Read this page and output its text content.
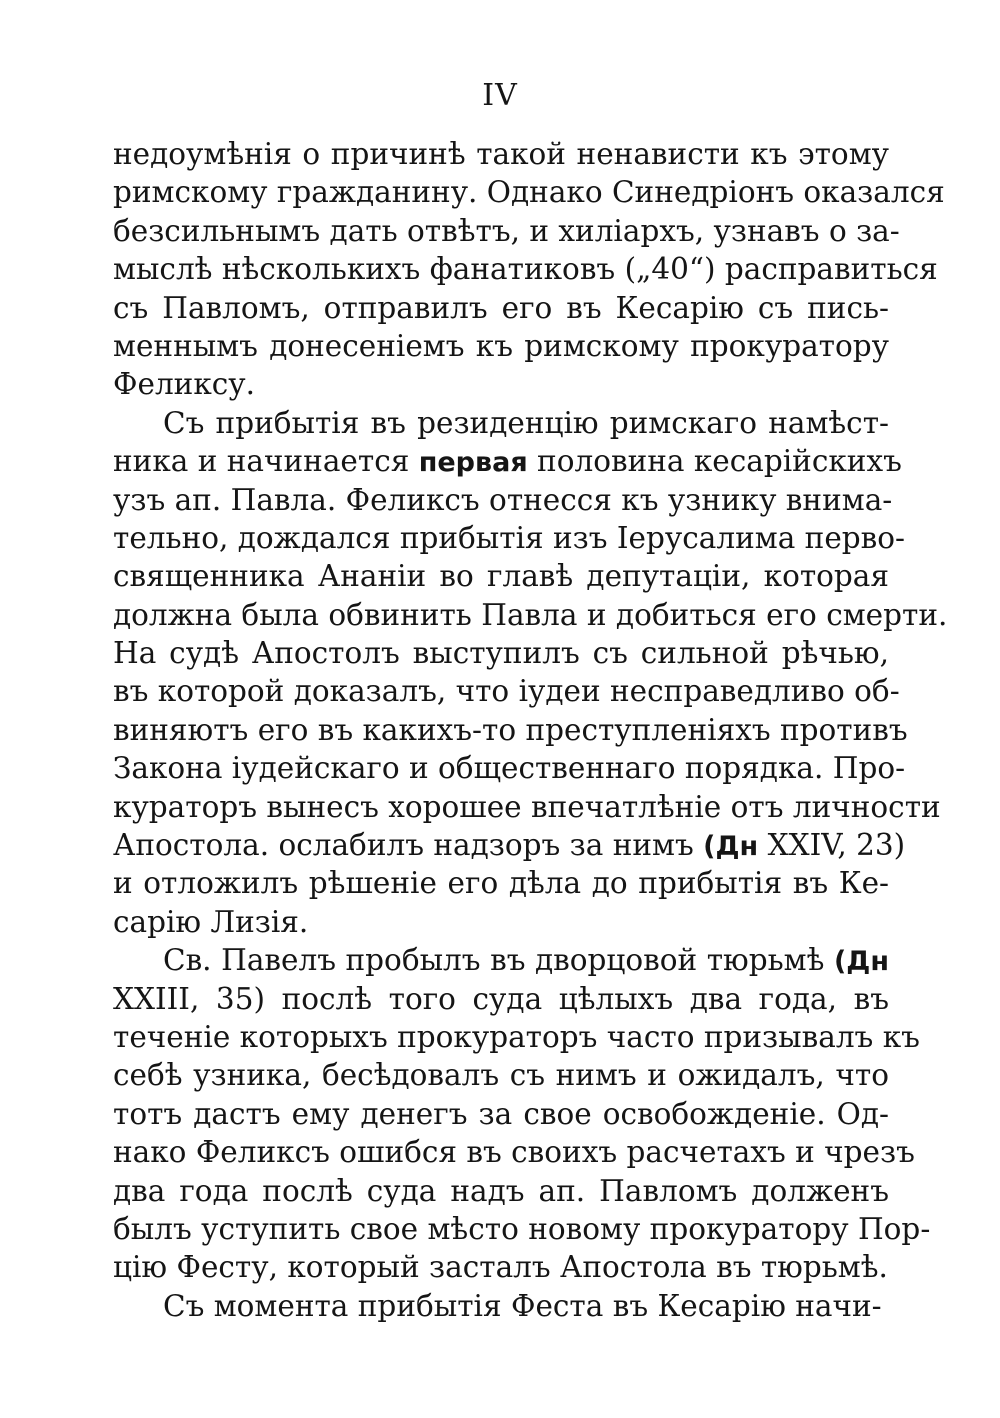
IV
недоумѣнія о причинѣ такой ненависти къ этому
римскому гражданину. Однако Синедріонъ оказался
безсильнымъ дать отвѣтъ, и хиліархъ, узнавъ о за-
мыслѣ нѣсколькихъ фанатиковъ („40“) расправиться
съ Павломъ, отправилъ его въ Кесарію съ пись-
меннымъ донесеніемъ къ римскому прокуратору
Феликсу.
Съ прибытія въ резиденцію римскаго намѣст-
ника и начинается первая половина кесарійскихъ
узъ ап. Павла. Феликсъ отнесся къ узнику внима-
тельно, дождался прибытія изъ Іерусалима перво-
священника Ананіи во главѣ депутаціи, которая
должна была обвинить Павла и добиться его смерти.
На судѣ Апостолъ выступилъ съ сильной рѣчью,
въ которой доказалъ, что іудеи несправедливо об-
виняютъ его въ какихъ-то преступленіяхъ противъ
Закона іудейскаго и общественнаго порядка. Про-
кураторъ вынесъ хорошее впечатлѣніе отъ личности
Апостола. ослабилъ надзоръ за нимъ (Дн XXIV, 23)
и отложилъ рѣшеніе его дѣла до прибытія въ Ке-
сарію Лизія.
Св. Павелъ пробылъ въ дворцовой тюрьмѣ (Дн
XXIII, 35) послѣ того суда цѣлыхъ два года, въ
теченіе которыхъ прокураторъ часто призывалъ къ
себѣ узника, бесѣдовалъ съ нимъ и ожидалъ, что
тотъ дастъ ему денегъ за свое освобожденіе. Од-
нако Феликсъ ошибся въ своихъ расчетахъ и чрезъ
два года послѣ суда надъ ап. Павломъ долженъ
былъ уступить свое мѣсто новому прокуратору Пор-
цію Фесту, который засталъ Апостола въ тюрьмѣ.
Съ момента прибытія Феста въ Кесарію начи-
